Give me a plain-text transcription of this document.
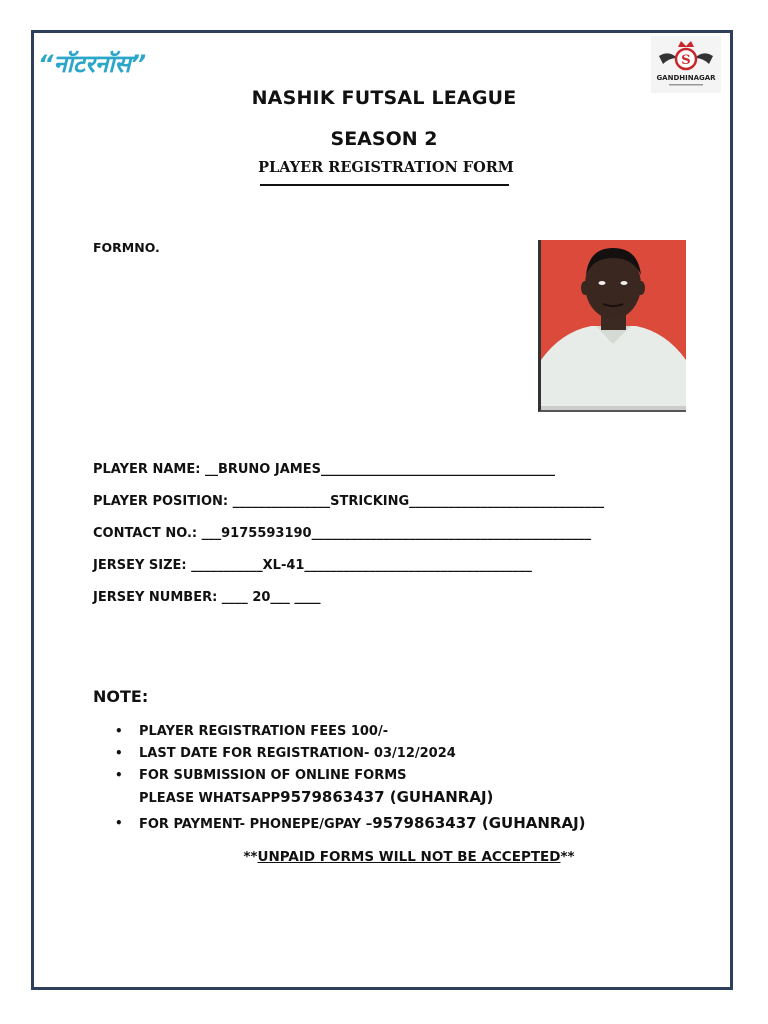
“नॉटरनॉस”	S
GANDHINAGAR
NASHIK FUTSAL LEAGUE
SEASON 2
PLAYER REGISTRATION FORM
FORMNO.
PLAYER NAME: __BRUNO JAMES____________________________________
PLAYER POSITION: _______________STRICKING______________________________
CONTACT NO.: ___9175593190___________________________________________
JERSEY SIZE: ___________XL-41___________________________________
JERSEY NUMBER: ____ 20___ ____
NOTE:
• PLAYER REGISTRATION FEES 100/-
• LAST DATE FOR REGISTRATION- 03/12/2024
• FOR SUBMISSION OF ONLINE FORMS
PLEASE WHATSAPP9579863437 (GUHANRAJ)
• FOR PAYMENT- PHONEPE/GPAY –9579863437 (GUHANRAJ)
**UNPAID FORMS WILL NOT BE ACCEPTED**
